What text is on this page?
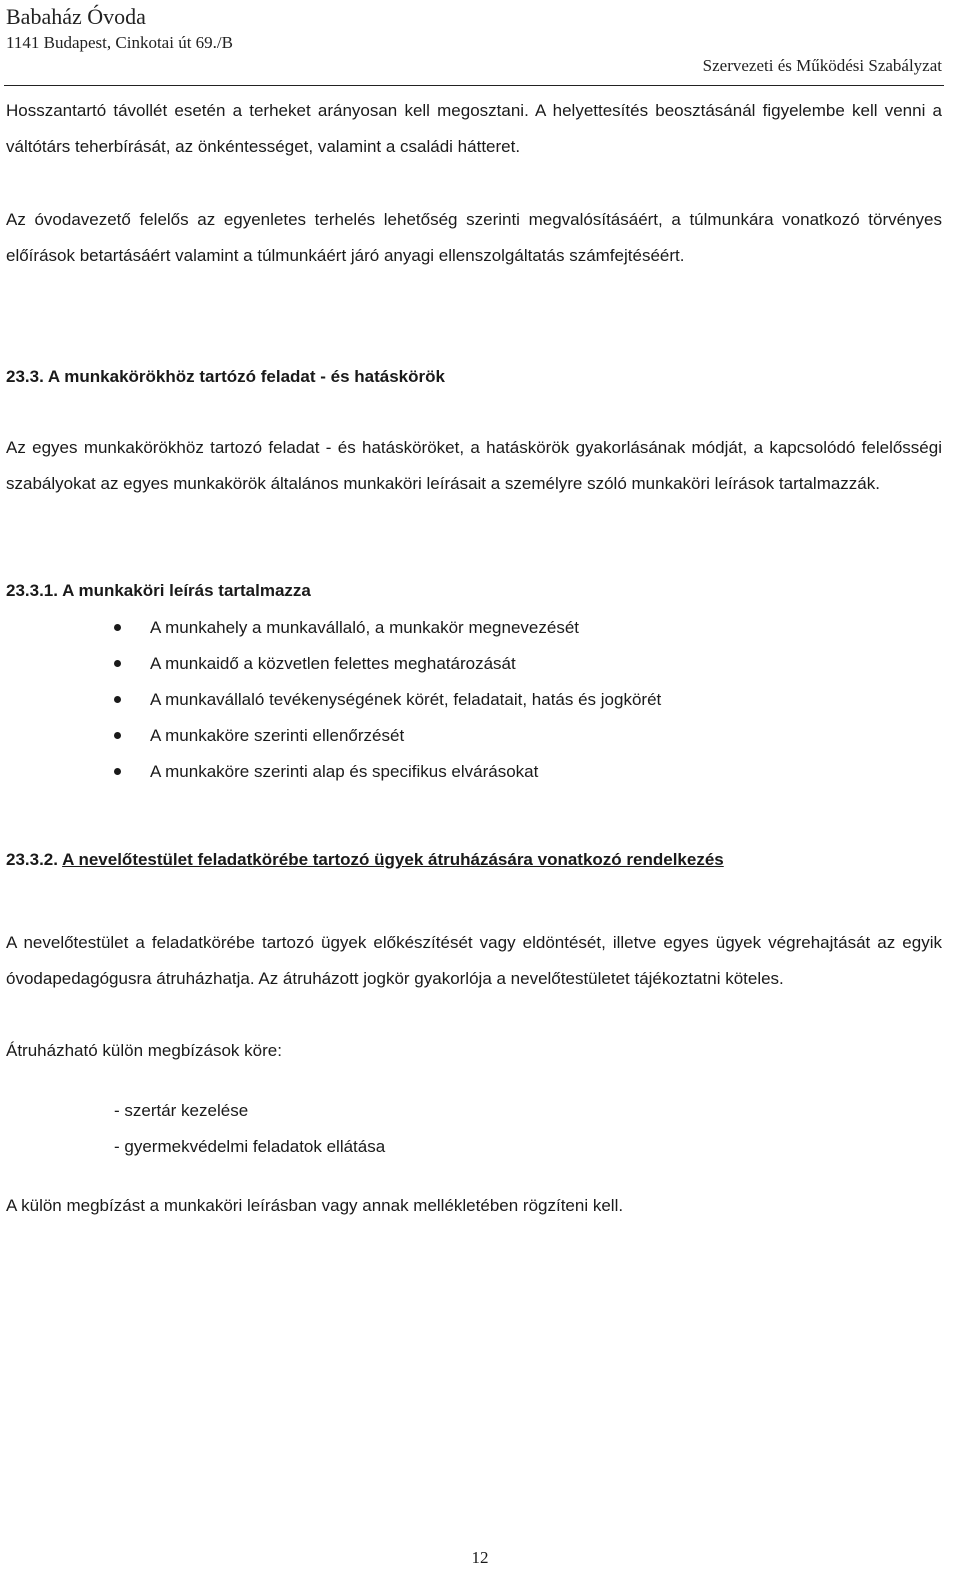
Babaház Óvoda
1141 Budapest, Cinkotai út 69./B
Szervezeti és Működési Szabályzat
Hosszantartó távollét esetén a terheket arányosan kell megosztani. A helyettesítés beosztásánál figyelembe kell venni a váltótárs teherbírását, az önkéntességet, valamint a családi hátteret.
Az óvodavezető felelős az egyenletes terhelés lehetőség szerinti megvalósításáért, a túlmunkára vonatkozó törvényes előírások betartásáért valamint a túlmunkáért járó anyagi ellenszolgáltatás számfejtéséért.
23.3. A munkakörökhöz tartózó feladat - és hatáskörök
Az egyes munkakörökhöz tartozó feladat - és hatásköröket, a hatáskörök gyakorlásának módját, a kapcsolódó felelősségi szabályokat az egyes munkakörök általános munkaköri leírásait a személyre szóló munkaköri leírások tartalmazzák.
23.3.1. A munkaköri leírás tartalmazza
A munkahely a munkavállaló, a munkakör megnevezését
A munkaidő a közvetlen felettes meghatározását
A munkavállaló tevékenységének körét, feladatait, hatás és jogkörét
A munkaköre szerinti ellenőrzését
A munkaköre szerinti alap és specifikus elvárásokat
23.3.2. A nevelőtestület feladatkörébe tartozó ügyek átruházására vonatkozó rendelkezés
A nevelőtestület a feladatkörébe tartozó ügyek előkészítését vagy eldöntését, illetve egyes ügyek végrehajtását az egyik óvodapedagógusra átruházhatja. Az átruházott jogkör gyakorlója a nevelőtestületet tájékoztatni köteles.
Átruházható külön megbízások köre:
- szertár kezelése
- gyermekvédelmi feladatok ellátása
A külön megbízást a munkaköri leírásban vagy annak mellékletében rögzíteni kell.
12
